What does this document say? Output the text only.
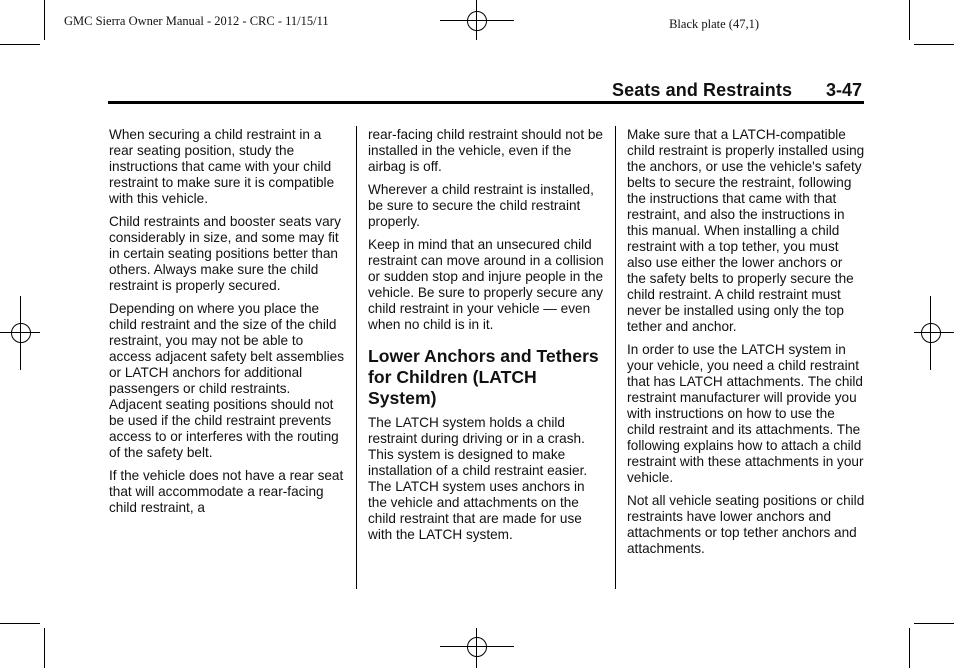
GMC Sierra Owner Manual - 2012 - CRC - 11/15/11	Black plate (47,1)
Seats and Restraints 3-47

When securing a child restraint in a rear seating position, study the instructions that came with your child restraint to make sure it is compatible with this vehicle.

Child restraints and booster seats vary considerably in size, and some may fit in certain seating positions better than others. Always make sure the child restraint is properly secured.

Depending on where you place the child restraint and the size of the child restraint, you may not be able to access adjacent safety belt assemblies or LATCH anchors for additional passengers or child restraints. Adjacent seating positions should not be used if the child restraint prevents access to or interferes with the routing of the safety belt.

If the vehicle does not have a rear seat that will accommodate a rear-facing child restraint, a

rear-facing child restraint should not be installed in the vehicle, even if the airbag is off.

Wherever a child restraint is installed, be sure to secure the child restraint properly.

Keep in mind that an unsecured child restraint can move around in a collision or sudden stop and injure people in the vehicle. Be sure to properly secure any child restraint in your vehicle — even when no child is in it.

Lower Anchors and Tethers for Children (LATCH System)

The LATCH system holds a child restraint during driving or in a crash. This system is designed to make installation of a child restraint easier. The LATCH system uses anchors in the vehicle and attachments on the child restraint that are made for use with the LATCH system.

Make sure that a LATCH-compatible child restraint is properly installed using the anchors, or use the vehicle's safety belts to secure the restraint, following the instructions that came with that restraint, and also the instructions in this manual. When installing a child restraint with a top tether, you must also use either the lower anchors or the safety belts to properly secure the child restraint. A child restraint must never be installed using only the top tether and anchor.

In order to use the LATCH system in your vehicle, you need a child restraint that has LATCH attachments. The child restraint manufacturer will provide you with instructions on how to use the child restraint and its attachments. The following explains how to attach a child restraint with these attachments in your vehicle.

Not all vehicle seating positions or child restraints have lower anchors and attachments or top tether anchors and attachments.
